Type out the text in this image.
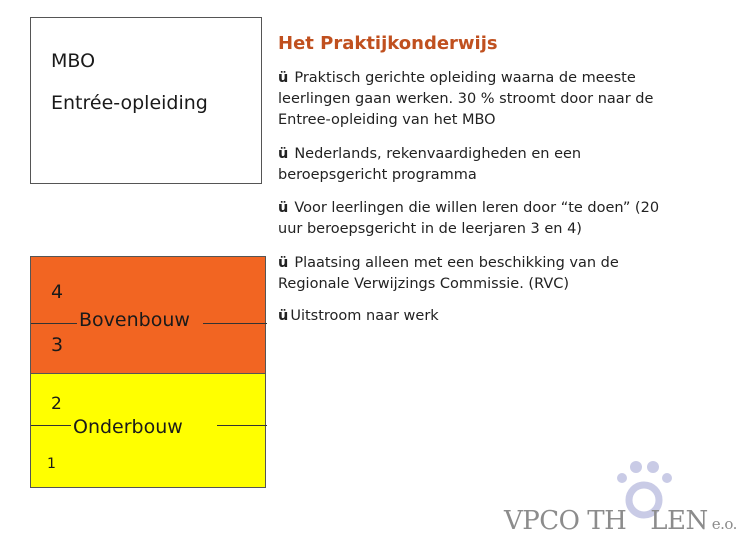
MBO
Entrée-opleiding
4
Bovenbouw
3
2
Onderbouw
1
Het Praktijkonderwijs
ü Praktisch gerichte opleiding waarna de meeste leerlingen gaan werken. 30 % stroomt door naar de Entree-opleiding van het MBO
ü Nederlands, rekenvaardigheden en een beroepsgericht programma
ü Voor leerlingen die willen leren door “te doen” (20 uur beroepsgericht in de leerjaren 3 en 4)
ü Plaatsing alleen met een beschikking van de Regionale Verwijzings Commissie. (RVC)
ü Uitstroom naar werk
VPCO TH LEN e.o.
